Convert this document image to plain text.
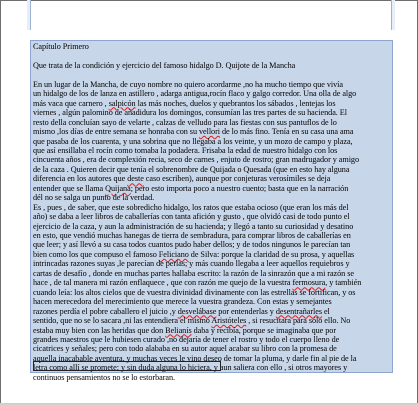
Capítulo Primero
Que trata de la condición y ejercicio del famoso hidalgo D. Quijote de la Mancha
En un lugar de la Mancha, de cuyo nombre no quiero acordarme ,no ha mucho tiempo que vivía
un hidalgo de los de lanza en astillero , adarga antigua,rocín flaco y galgo corredor. Una olla de algo
más vaca que carnero , salpicón las más noches, duelos y quebrantos los sábados , lentejas los
viernes , algún palomino de añadidura los domingos, consumían las tres partes de su hacienda. El
resto della concluían sayo de velarte , calzas de velludo para las fiestas con sus pantuflos de lo
mismo ,los días de entre semana se honraba con su vellori de lo más fino. Tenía en su casa una ama
que pasaba de los cuarenta, y una sobrina que no llegaba a los veinte, y un mozo de campo y plaza,
que así ensillaba el rocín como tomaba la podadera. Frisaba la edad de nuestro hidalgo con los
cincuenta años , era de complexión recia, seco de carnes , enjuto de rostro; gran madrugador y amigo
de la caza . Quieren decir que tenía el sobrenombre de Quijada o Quesada (que en esto hay alguna
diferencia en los autores que deste caso escriben), aunque por conjeturas verosímiles se deja
entender que se llama Quijana; pero esto importa poco a nuestro cuento; basta que en la narración
dél no se salga un punto de la verdad.
Es , pues , de saber, que este sobredicho hidalgo, los ratos que estaba ocioso (que eran los más del
año) se daba a leer libros de caballerías con tanta afición y gusto , que olvidó casi de todo punto el
ejercicio de la caza, y aun la administración de su hacienda; y llegó a tanto su curiosidad y desatino
en esto, que vendió muchas hanegas de tierra de sembradura, para comprar libros de caballerías en
que leer; y así llevó a su casa todos cuantos pudo haber dellos; y de todos ningunos le parecían tan
bien como los que compuso el famoso Feliciano de Silva: porque la claridad de su prosa, y aquellas
intrincadas razones suyas ,le parecían de perlas; y más cuando llegaba a leer aquellos requiebros y
cartas de desafío , donde en muchas partes hallaba escrito: la razón de la sinrazón que a mi razón se
hace , de tal manera mi razón enflaquece , que con razón me quejo de la vuestra fermosura, y también
cuando leía: los altos cielos que de vuestra divinidad divinamente con las estrellas se fortifican, y os
hacen merecedora del merecimiento que merece la vuestra grandeza. Con estas y semejantes
razones perdía el pobre caballero el juicio ,y desvelábase por entenderlas y desentrañarles el
sentido, que no se lo sacara ,ni las entendiera el mismo Aristóteles , si resucitara para sólo ello. No
estaba muy bien con las heridas que don Belianís daba y recibía, porque se imaginaba que por
grandes maestros que le hubiesen curado ,no dejaría de tener el rostro y todo el cuerpo lleno de
cicatrices y señales; pero con todo alababa en su autor aquel acabar su libro con la promesa de
aquella inacabable aventura, y muchas veces le vino deseo de tomar la pluma, y darle fin al pie de la
letra como allí se promete; y sin duda alguna lo hiciera, y aun saliera con ello , si otros mayores y
continuos pensamientos no se lo estorbaran.
